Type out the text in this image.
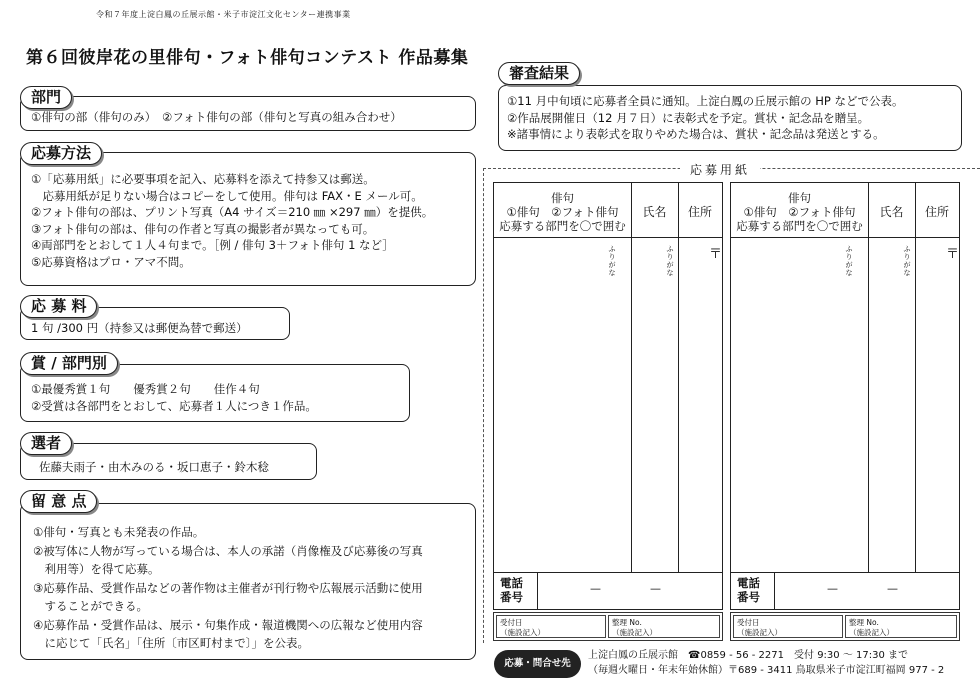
令和７年度上淀白鳳の丘展示館・米子市淀江文化センター連携事業
第６回彼岸花の里俳句・フォト俳句コンテスト 作品募集
部門
①俳句の部（俳句のみ）　②フォト俳句の部（俳句と写真の組み合わせ）
応募方法
①「応募用紙」に必要事項を記入、応募料を添えて持参又は郵送。
　応募用紙が足りない場合はコピーをして使用。俳句は FAX・E メール可。
②フォト俳句の部は、プリント写真（A4 サイズ＝210 ㎜ ×297 ㎜）を提供。
③フォト俳句の部は、俳句の作者と写真の撮影者が異なっても可。
④両部門をとおして１人４句まで。［例 / 俳句 3＋フォト俳句 1 など］
⑤応募資格はプロ・アマ不問。
応 募 料
1 句 /300 円（持参又は郵便為替で郵送）
賞 / 部門別
①最優秀賞１句　　優秀賞２句　　佳作４句
②受賞は各部門をとおして、応募者１人につき１作品。
選者
佐藤夫雨子・由木みのる・坂口恵子・鈴木稔
留 意 点
①俳句・写真とも未発表の作品。
②被写体に人物が写っている場合は、本人の承諾（肖像権及び応募後の写真
　利用等）を得て応募。
③応募作品、受賞作品などの著作物は主催者が刊行物や広報展示活動に使用
　することができる。
④応募作品・受賞作品は、展示・句集作成・報道機関への広報など使用内容
　に応じて「氏名」「住所〔市区町村まで〕」を公表。
審査結果
①11 月中旬頃に応募者全員に通知。上淀白鳳の丘展示館の HP などで公表。
②作品展開催日（12 月７日）に表彰式を予定。賞状・記念品を贈呈。
※諸事情により表彰式を取りやめた場合は、賞状・記念品は発送とする。
応募用紙
俳句
①俳句　②フォト俳句
応募する部門を〇で囲む
氏名	住所
ふりがな
ふりがな
〒
電話
番号
—	—
受付日
（施設記入）
整理 No.
（施設記入）
俳句
①俳句　②フォト俳句
応募する部門を〇で囲む
氏名	住所
ふりがな
ふりがな
〒
電話
番号
—	—
受付日
（施設記入）
整理 No.
（施設記入）
応募・問合せ先
上淀白鳳の丘展示館　☎0859 - 56 - 2271　受付 9:30 ～ 17:30 まで
（毎週火曜日・年末年始休館）〒689 - 3411 鳥取県米子市淀江町福岡 977 - 2
